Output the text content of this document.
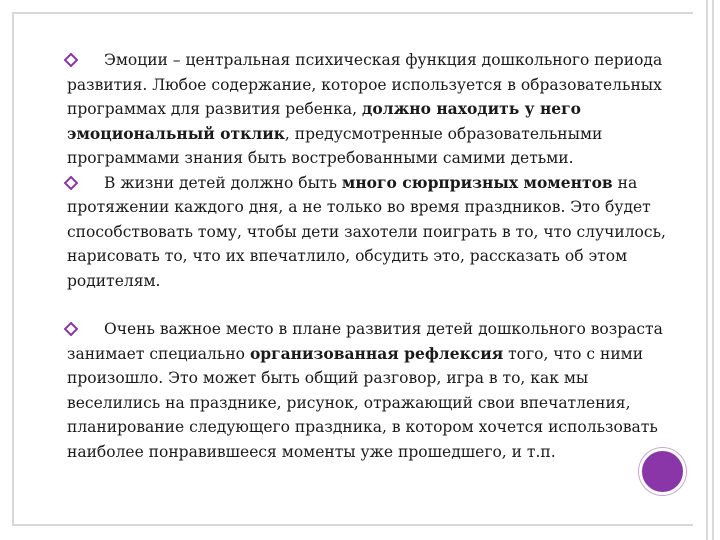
Эмоции – центральная психическая функция дошкольного периода развития. Любое содержание, которое используется в образовательных программах для развития ребенка, должно находить у него эмоциональный отклик, предусмотренные образовательными программами знания быть востребованными самими детьми.

В жизни детей должно быть много сюрпризных моментов на протяжении каждого дня, а не только во время праздников. Это будет способствовать тому, чтобы дети захотели поиграть в то, что случилось, нарисовать то, что их впечатлило, обсудить это, рассказать об этом родителям.

Очень важное место в плане развития детей дошкольного возраста занимает специально организованная рефлексия того, что с ними произошло. Это может быть общий разговор, игра в то, как мы веселились на празднике, рисунок, отражающий свои впечатления, планирование следующего праздника, в котором хочется использовать наиболее понравившееся моменты уже прошедшего, и т.п.
